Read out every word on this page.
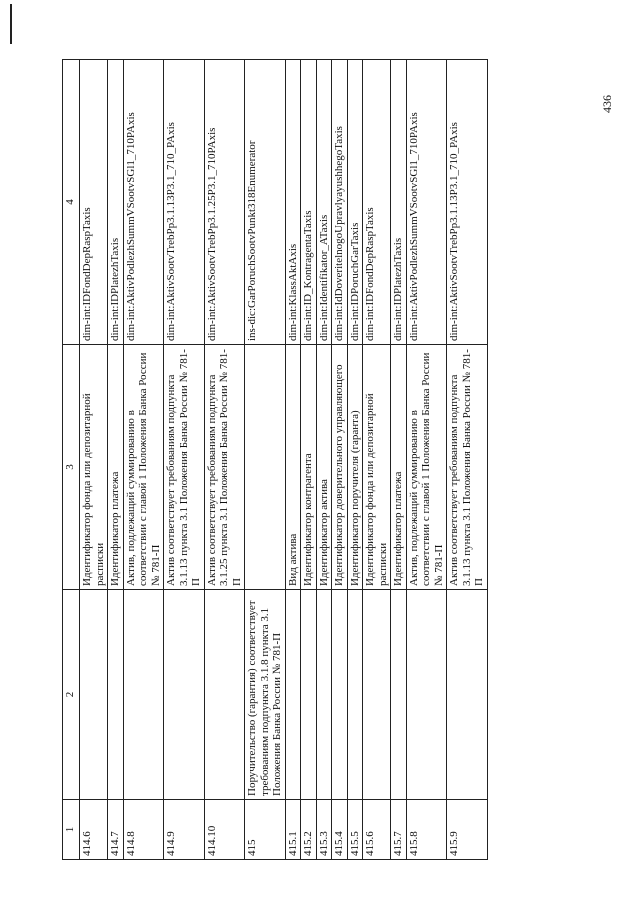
436
1	2	3	4
414.6		Идентификатор фонда или депозитарной расписки	dim-int:IDFondDepRaspTaxis
414.7		Идентификатор платежа	dim-int:IDPlatezhTaxis
414.8		Актив, подлежащий суммированию в соответствии с главой 1 Положения Банка России № 781-П	dim-int:AktivPodlezhSummVSootvSGl1_710PAxis
414.9		Актив соответствует требованиям подпункта 3.1.13 пункта 3.1 Положения Банка России № 781-П	dim-int:AktivSootvTrebPp3.1.13P3.1_710_PAxis
414.10		Актив соответствует требованиям подпункта 3.1.25 пункта 3.1 Положения Банка России № 781-П	dim-int:AktivSootvTrebPp3.1.25P3.1_710PAxis
415	Поручительство (гарантия) соответствует требованиям подпункта 3.1.8 пункта 3.1 Положения Банка России № 781-П		ins-dic:GarPoruchSootvPunkt318Enumerator
415.1		Вид актива	dim-int:KlassAktAxis
415.2		Идентификатор контрагента	dim-int:ID_KontragentaTaxis
415.3		Идентификатор актива	dim-int:Identifikator_ATaxis
415.4		Идентификатор доверительного управляющего	dim-int:IdDoveritelnogoUpravlyayushhegoTaxis
415.5		Идентификатор поручителя (гаранта)	dim-int:IDPoruchGarTaxis
415.6		Идентификатор фонда или депозитарной расписки	dim-int:IDFondDepRaspTaxis
415.7		Идентификатор платежа	dim-int:IDPlatezhTaxis
415.8		Актив, подлежащий суммированию в соответствии с главой 1 Положения Банка России № 781-П	dim-int:AktivPodlezhSummVSootvSGl1_710PAxis
415.9		Актив соответствует требованиям подпункта 3.1.13 пункта 3.1 Положения Банка России № 781-П	dim-int:AktivSootvTrebPp3.1.13P3.1_710_PAxis
